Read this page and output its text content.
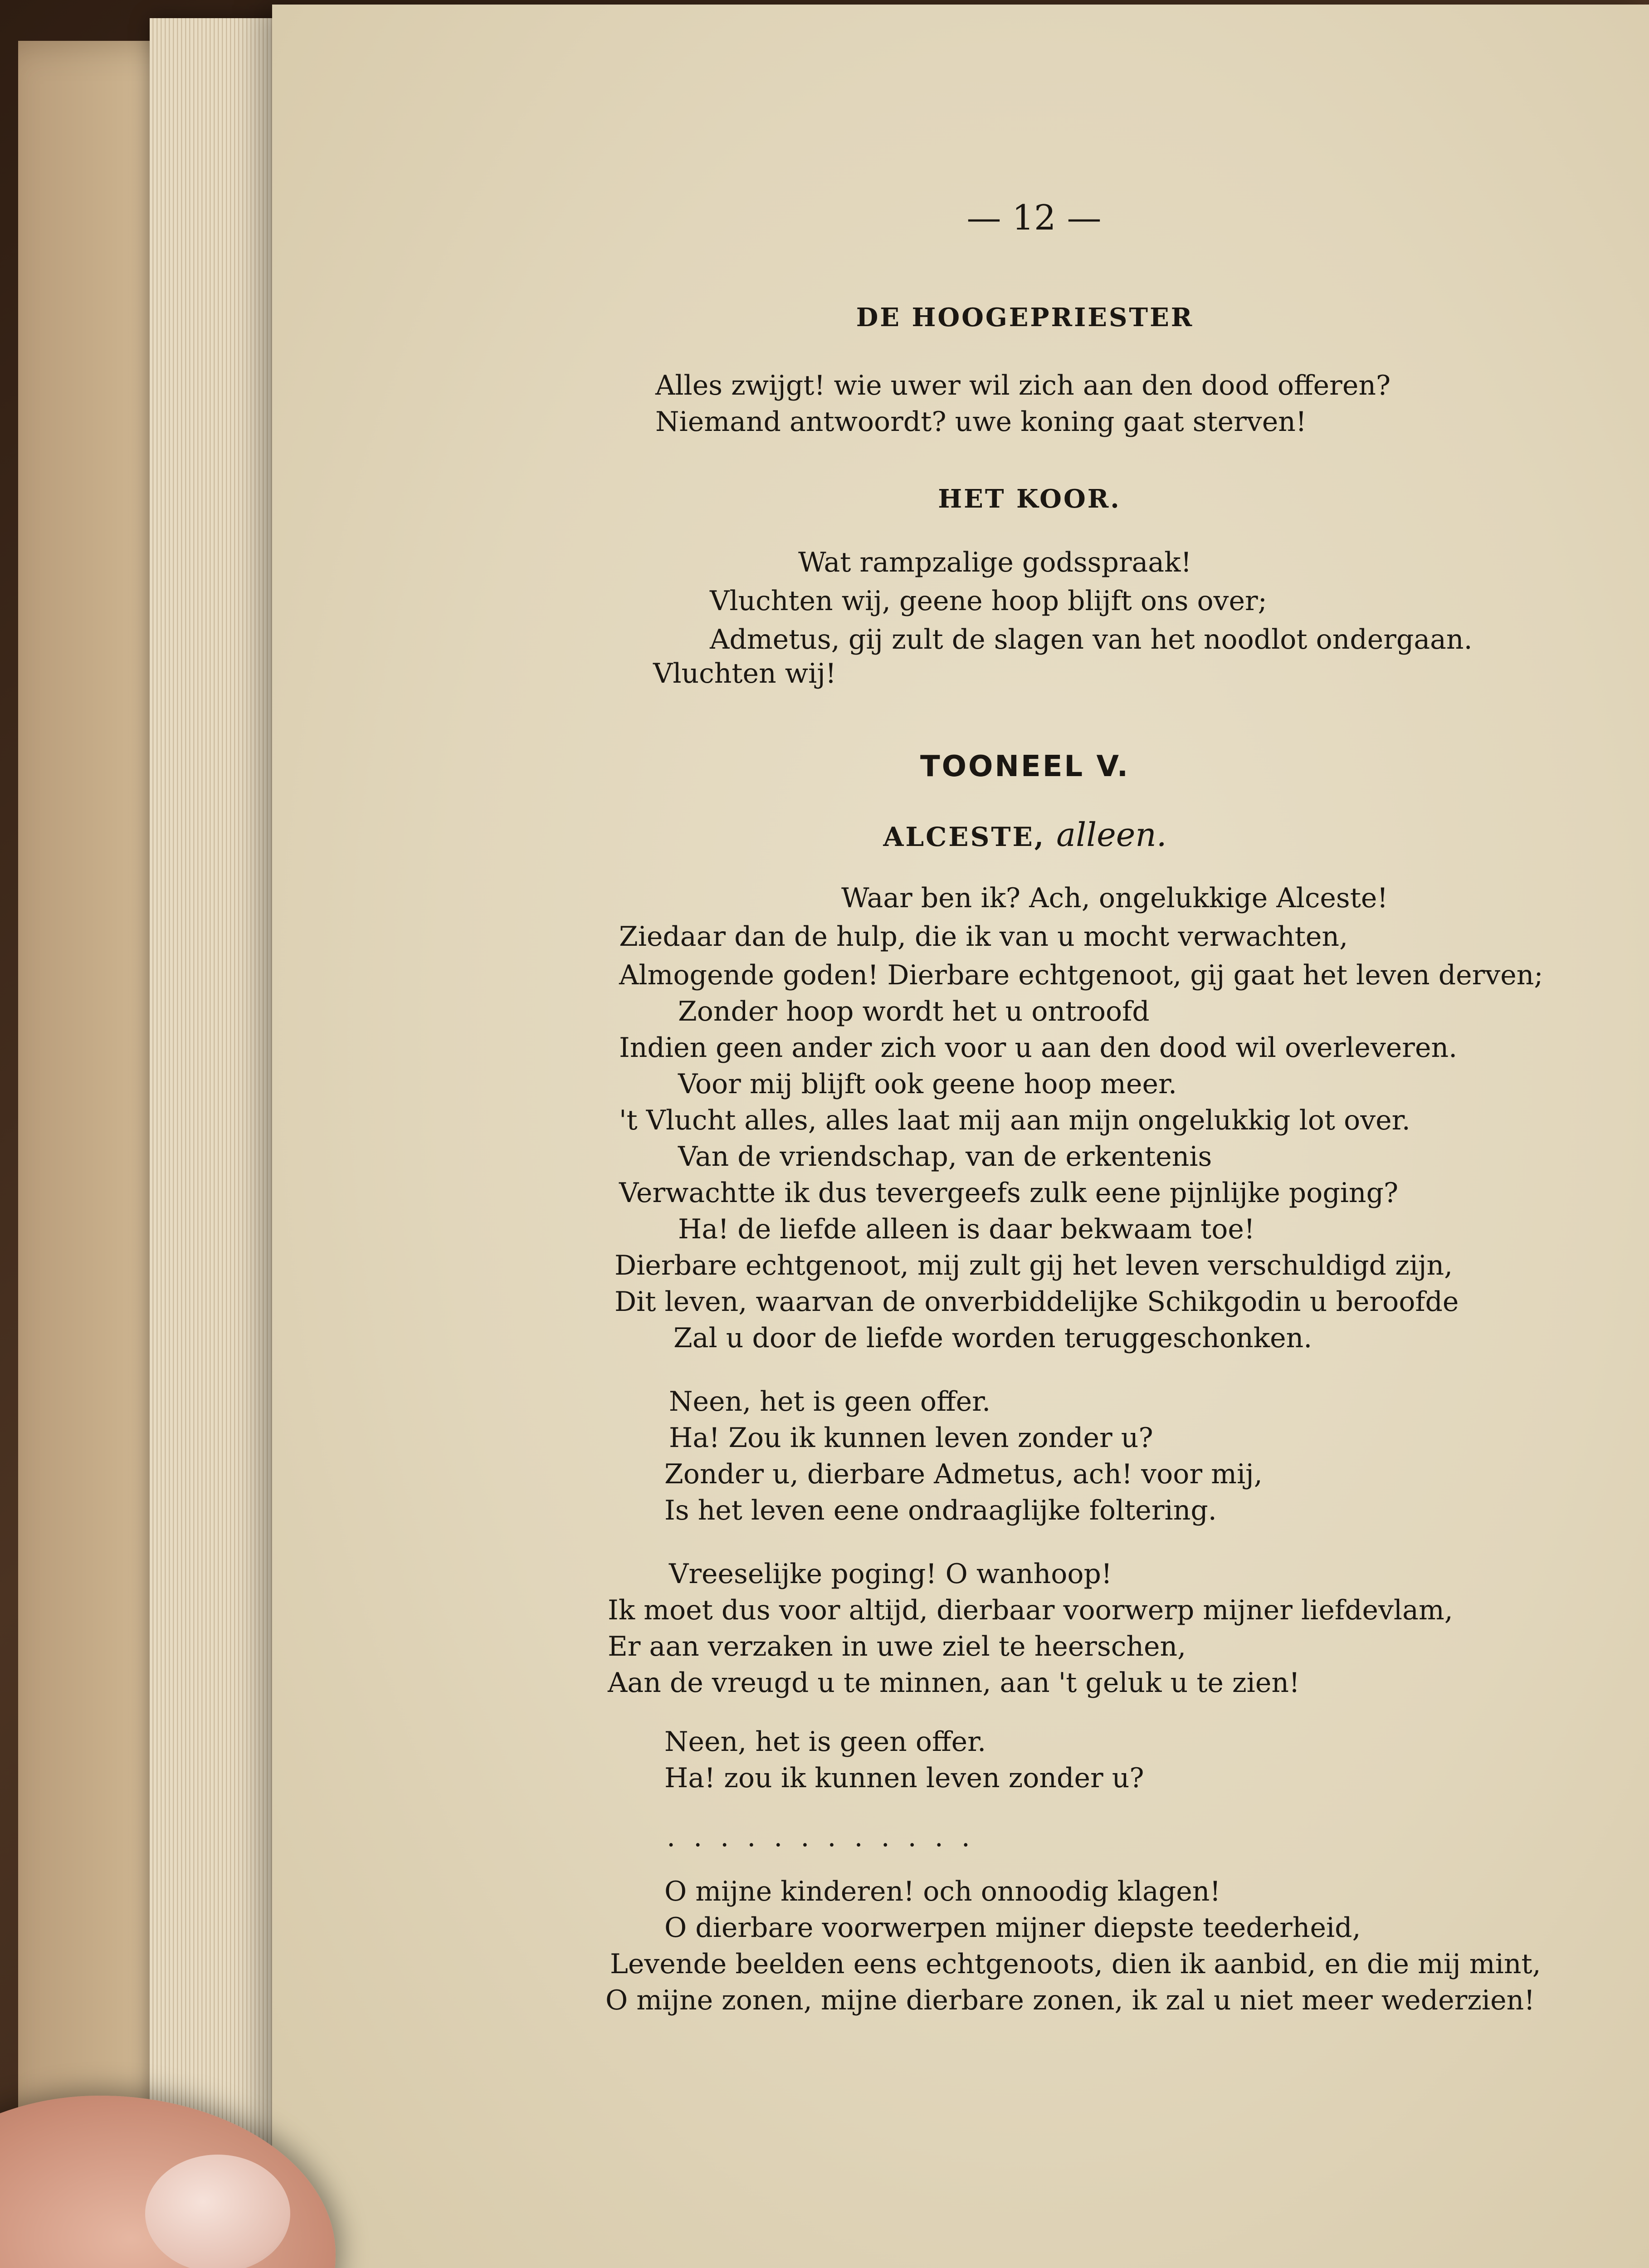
— 12 —

DE HOOGEPRIESTER

Alles zwijgt! wie uwer wil zich aan den dood offeren?

Niemand antwoordt? uwe koning gaat sterven!

HET KOOR.

Wat rampzalige godsspraak!

Vluchten wij, geene hoop blijft ons over;

Admetus, gij zult de slagen van het noodlot ondergaan.

Vluchten wij!

TOONEEL V.

ALCESTE, alleen.

Waar ben ik? Ach, ongelukkige Alceste!

Ziedaar dan de hulp, die ik van u mocht verwachten,

Almogende goden! Dierbare echtgenoot, gij gaat het leven derven;

Zonder hoop wordt het u ontroofd

Indien geen ander zich voor u aan den dood wil overleveren.

Voor mij blijft ook geene hoop meer.

't Vlucht alles, alles laat mij aan mijn ongelukkig lot over.

Van de vriendschap, van de erkentenis

Verwachtte ik dus tevergeefs zulk eene pijnlijke poging?

Ha! de liefde alleen is daar bekwaam toe!

Dierbare echtgenoot, mij zult gij het leven verschuldigd zijn,

Dit leven, waarvan de onverbiddelijke Schikgodin u beroofde

Zal u door de liefde worden teruggeschonken.

Neen, het is geen offer.

Ha! Zou ik kunnen leven zonder u?

Zonder u, dierbare Admetus, ach! voor mij,

Is het leven eene ondraaglijke foltering.

Vreeselijke poging! O wanhoop!

Ik moet dus voor altijd, dierbaar voorwerp mijner liefdevlam,

Er aan verzaken in uwe ziel te heerschen,

Aan de vreugd u te minnen, aan 't geluk u te zien!

Neen, het is geen offer.

Ha! zou ik kunnen leven zonder u?

............

O mijne kinderen! och onnoodig klagen!

O dierbare voorwerpen mijner diepste teederheid,

Levende beelden eens echtgenoots, dien ik aanbid, en die mij mint,

O mijne zonen, mijne dierbare zonen, ik zal u niet meer wederzien!
